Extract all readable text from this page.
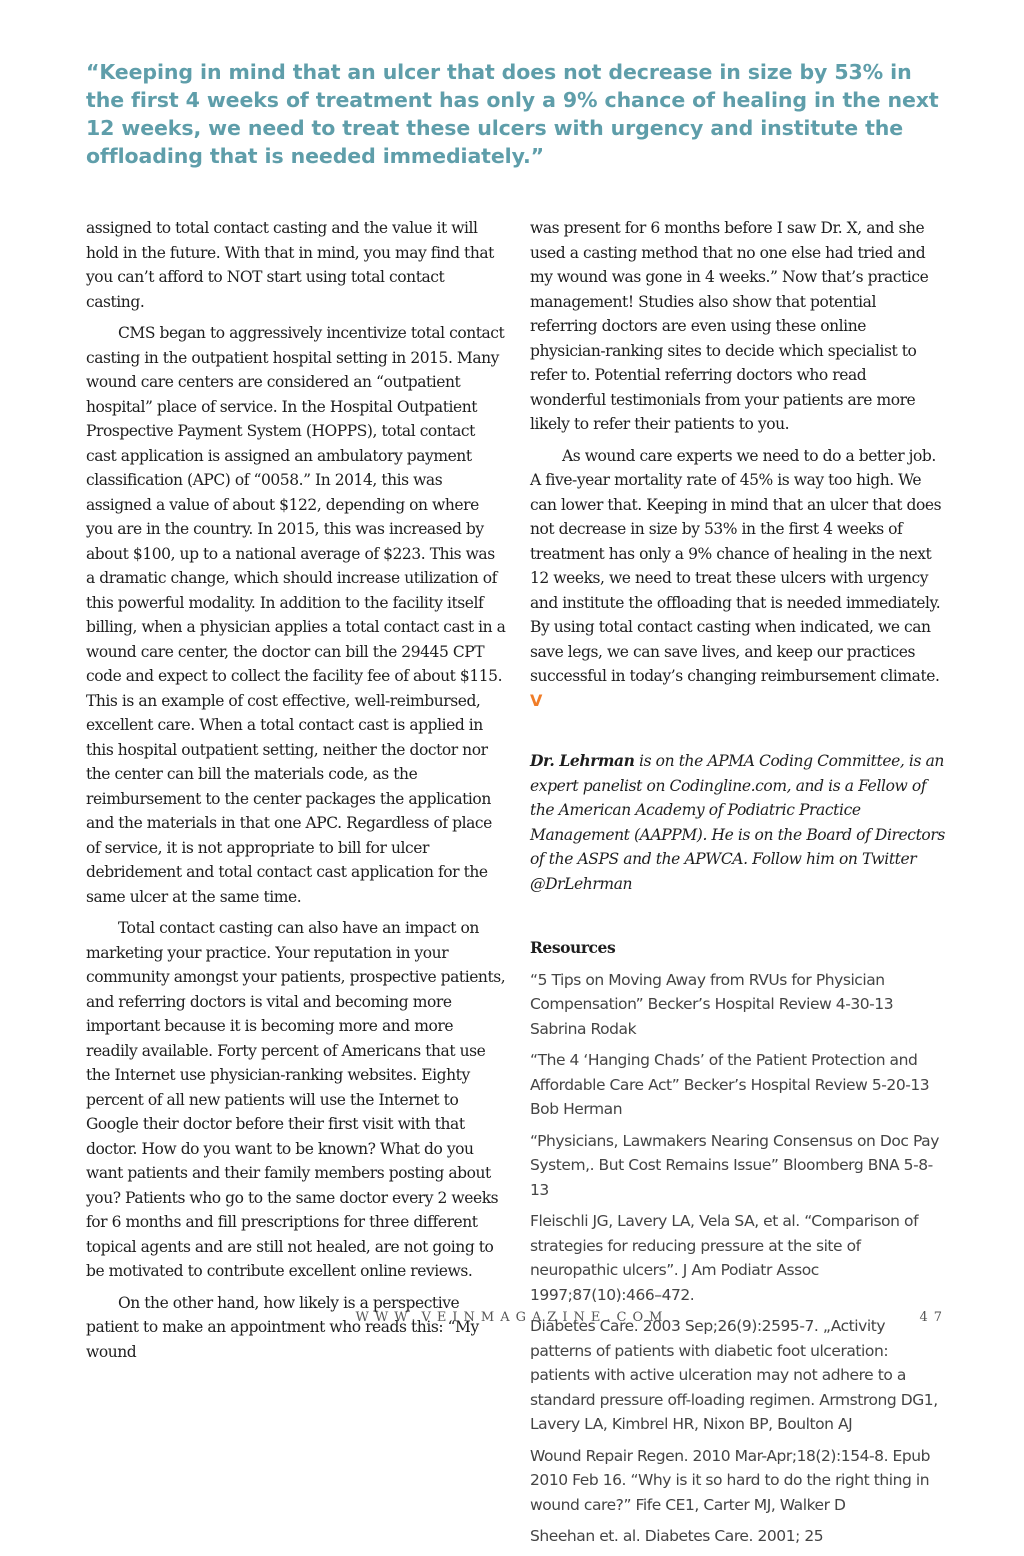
“Keeping in mind that an ulcer that does not decrease in size by 53% in the first 4 weeks of treatment has only a 9% chance of healing in the next 12 weeks, we need to treat these ulcers with urgency and institute the offloading that is needed immediately.”

assigned to total contact casting and the value it will hold in the future. With that in mind, you may find that you can’t afford to NOT start using total contact casting.

CMS began to aggressively incentivize total contact casting in the outpatient hospital setting in 2015. Many wound care centers are considered an “outpatient hospital” place of service. In the Hospital Outpatient Prospective Payment System (HOPPS), total contact cast application is assigned an ambulatory payment classification (APC) of “0058.” In 2014, this was assigned a value of about $122, depending on where you are in the country. In 2015, this was increased by about $100, up to a national average of $223. This was a dramatic change, which should increase utilization of this powerful modality. In addition to the facility itself billing, when a physician applies a total contact cast in a wound care center, the doctor can bill the 29445 CPT code and expect to collect the facility fee of about $115. This is an example of cost effective, well-reimbursed, excellent care. When a total contact cast is applied in this hospital outpatient setting, neither the doctor nor the center can bill the materials code, as the reimbursement to the center packages the application and the materials in that one APC. Regardless of place of service, it is not appropriate to bill for ulcer debridement and total contact cast application for the same ulcer at the same time.

Total contact casting can also have an impact on marketing your practice. Your reputation in your community amongst your patients, prospective patients, and referring doctors is vital and becoming more important because it is becoming more and more readily available. Forty percent of Americans that use the Internet use physician-ranking websites. Eighty percent of all new patients will use the Internet to Google their doctor before their first visit with that doctor. How do you want to be known? What do you want patients and their family members posting about you? Patients who go to the same doctor every 2 weeks for 6 months and fill prescriptions for three different topical agents and are still not healed, are not going to be motivated to contribute excellent online reviews.

On the other hand, how likely is a perspective patient to make an appointment who reads this: “My wound

was present for 6 months before I saw Dr. X, and she used a casting method that no one else had tried and my wound was gone in 4 weeks.” Now that’s practice management! Studies also show that potential referring doctors are even using these online physician-ranking sites to decide which specialist to refer to. Potential referring doctors who read wonderful testimonials from your patients are more likely to refer their patients to you.

As wound care experts we need to do a better job. A five-year mortality rate of 45% is way too high. We can lower that. Keeping in mind that an ulcer that does not decrease in size by 53% in the first 4 weeks of treatment has only a 9% chance of healing in the next 12 weeks, we need to treat these ulcers with urgency and institute the offloading that is needed immediately. By using total contact casting when indicated, we can save legs, we can save lives, and keep our practices successful in today’s changing reimbursement climate. V

Dr. Lehrman is on the APMA Coding Committee, is an expert panelist on Codingline.com, and is a Fellow of the American Academy of Podiatric Practice Management (AAPPM). He is on the Board of Directors of the ASPS and the APWCA. Follow him on Twitter @DrLehrman

Resources

“5 Tips on Moving Away from RVUs for Physician Compensation” Becker’s Hospital Review 4-30-13 Sabrina Rodak

“The 4 ‘Hanging Chads’ of the Patient Protection and Affordable Care Act” Becker’s Hospital Review 5-20-13 Bob Herman

“Physicians, Lawmakers Nearing Consensus on Doc Pay System,. But Cost Remains Issue” Bloomberg BNA 5-8-13

Fleischli JG, Lavery LA, Vela SA, et al. “Comparison of strategies for reducing pressure at the site of neuropathic ulcers”. J Am Podiatr Assoc 1997;87(10):466–472.

Diabetes Care. 2003 Sep;26(9):2595-7. „Activity patterns of patients with diabetic foot ulceration: patients with active ulceration may not adhere to a standard pressure off-loading regimen. Armstrong DG1, Lavery LA, Kimbrel HR, Nixon BP, Boulton AJ

Wound Repair Regen. 2010 Mar-Apr;18(2):154-8. Epub 2010 Feb 16. “Why is it so hard to do the right thing in wound care?” Fife CE1, Carter MJ, Walker D

Sheehan et. al. Diabetes Care. 2001; 25

WWW.VEINMAGAZINE.COM	47
